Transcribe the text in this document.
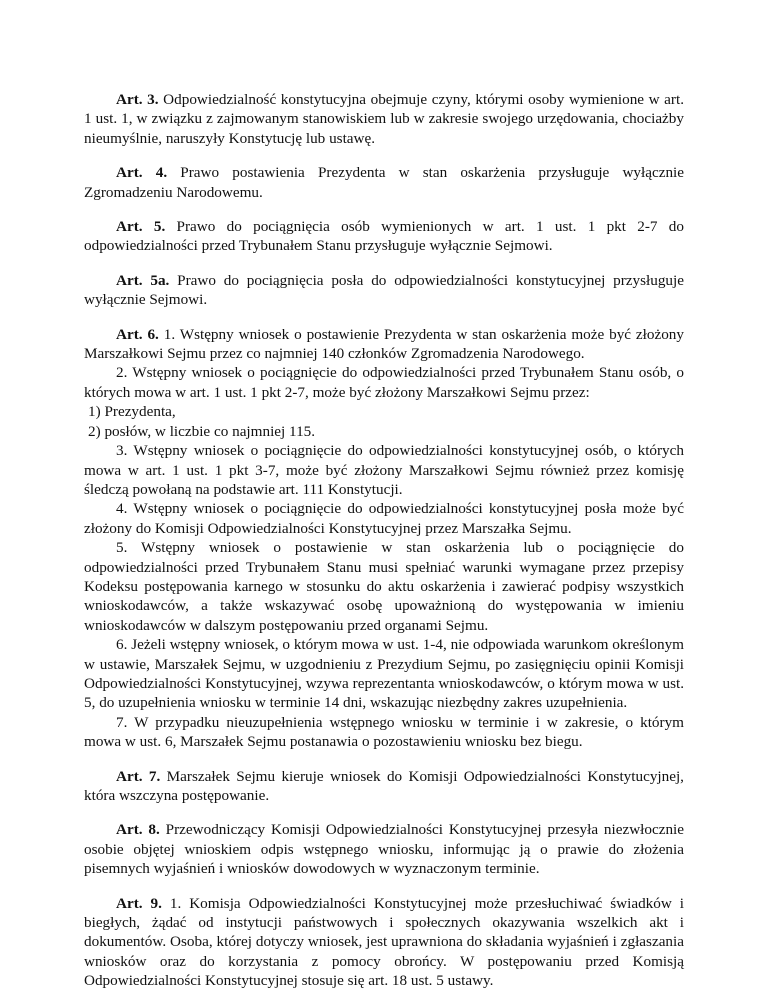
Art. 3. Odpowiedzialność konstytucyjna obejmuje czyny, którymi osoby wymienione w art. 1 ust. 1, w związku z zajmowanym stanowiskiem lub w zakresie swojego urzędowania, chociażby nieumyślnie, naruszyły Konstytucję lub ustawę.

Art. 4. Prawo postawienia Prezydenta w stan oskarżenia przysługuje wyłącznie Zgromadzeniu Narodowemu.

Art. 5. Prawo do pociągnięcia osób wymienionych w art. 1 ust. 1 pkt 2-7 do odpowiedzialności przed Trybunałem Stanu przysługuje wyłącznie Sejmowi.

Art. 5a. Prawo do pociągnięcia posła do odpowiedzialności konstytucyjnej przysługuje wyłącznie Sejmowi.

Art. 6. 1. Wstępny wniosek o postawienie Prezydenta w stan oskarżenia może być złożony Marszałkowi Sejmu przez co najmniej 140 członków Zgromadzenia Narodowego.

2. Wstępny wniosek o pociągnięcie do odpowiedzialności przed Trybunałem Stanu osób, o których mowa w art. 1 ust. 1 pkt 2-7, może być złożony Marszałkowi Sejmu przez:

1) Prezydenta,

2) posłów, w liczbie co najmniej 115.

3. Wstępny wniosek o pociągnięcie do odpowiedzialności konstytucyjnej osób, o których mowa w art. 1 ust. 1 pkt 3-7, może być złożony Marszałkowi Sejmu również przez komisję śledczą powołaną na podstawie art. 111 Konstytucji.

4. Wstępny wniosek o pociągnięcie do odpowiedzialności konstytucyjnej posła może być złożony do Komisji Odpowiedzialności Konstytucyjnej przez Marszałka Sejmu.

5. Wstępny wniosek o postawienie w stan oskarżenia lub o pociągnięcie do odpowiedzialności przed Trybunałem Stanu musi spełniać warunki wymagane przez przepisy Kodeksu postępowania karnego w stosunku do aktu oskarżenia i zawierać podpisy wszystkich wnioskodawców, a także wskazywać osobę upoważnioną do występowania w imieniu wnioskodawców w dalszym postępowaniu przed organami Sejmu.

6. Jeżeli wstępny wniosek, o którym mowa w ust. 1-4, nie odpowiada warunkom określonym w ustawie, Marszałek Sejmu, w uzgodnieniu z Prezydium Sejmu, po zasięgnięciu opinii Komisji Odpowiedzialności Konstytucyjnej, wzywa reprezentanta wnioskodawców, o którym mowa w ust. 5, do uzupełnienia wniosku w terminie 14 dni, wskazując niezbędny zakres uzupełnienia.

7. W przypadku nieuzupełnienia wstępnego wniosku w terminie i w zakresie, o którym mowa w ust. 6, Marszałek Sejmu postanawia o pozostawieniu wniosku bez biegu.

Art. 7. Marszałek Sejmu kieruje wniosek do Komisji Odpowiedzialności Konstytucyjnej, która wszczyna postępowanie.

Art. 8. Przewodniczący Komisji Odpowiedzialności Konstytucyjnej przesyła niezwłocznie osobie objętej wnioskiem odpis wstępnego wniosku, informując ją o prawie do złożenia pisemnych wyjaśnień i wniosków dowodowych w wyznaczonym terminie.

Art. 9. 1. Komisja Odpowiedzialności Konstytucyjnej może przesłuchiwać świadków i biegłych, żądać od instytucji państwowych i społecznych okazywania wszelkich akt i dokumentów. Osoba, której dotyczy wniosek, jest uprawniona do składania wyjaśnień i zgłaszania wniosków oraz do korzystania z pomocy obrońcy. W postępowaniu przed Komisją Odpowiedzialności Konstytucyjnej stosuje się art. 18 ust. 5 ustawy.
